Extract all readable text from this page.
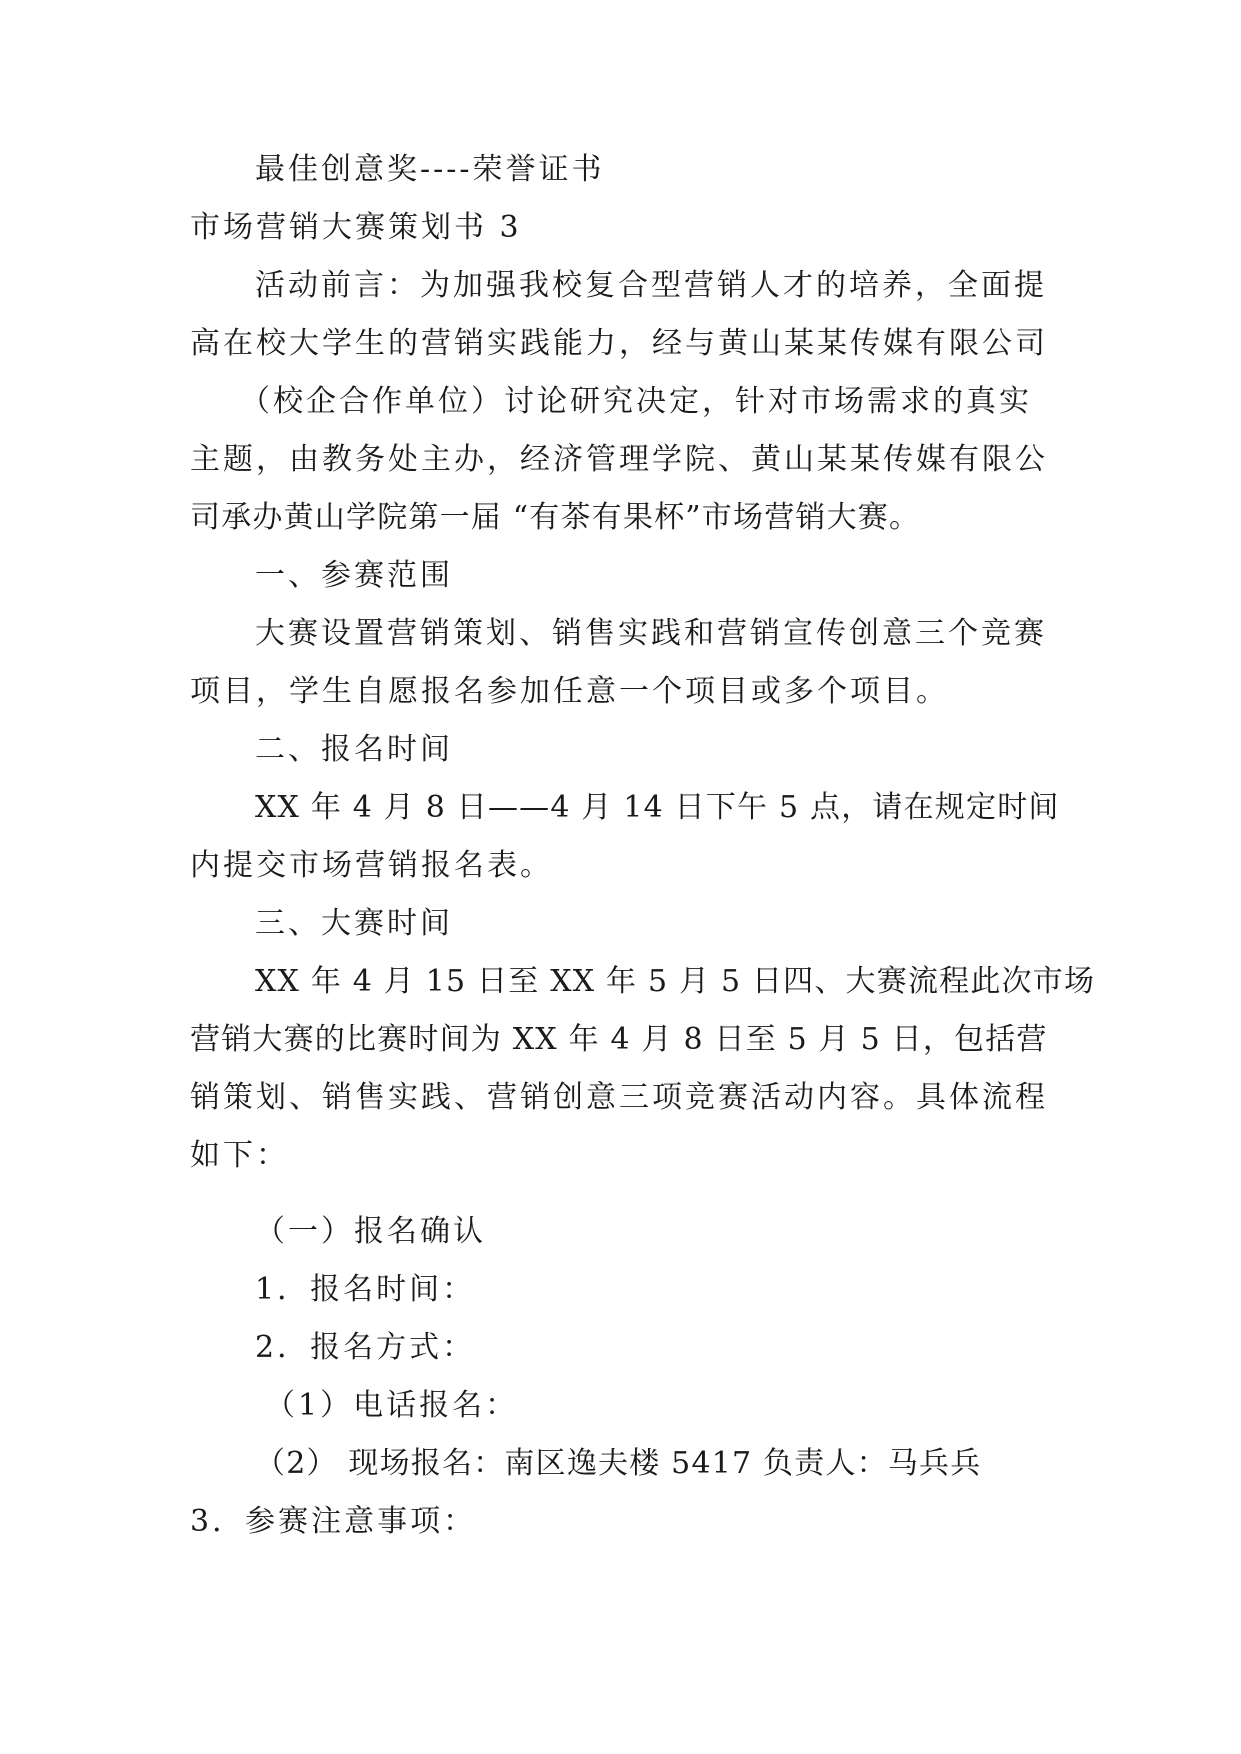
最佳创意奖----荣誉证书
市场营销大赛策划书 3
活动前言：为加强我校复合型营销人才的培养，全面提
高在校大学生的营销实践能力，经与黄山某某传媒有限公司
（校企合作单位）讨论研究决定，针对市场需求的真实
主题，由教务处主办，经济管理学院、黄山某某传媒有限公
司承办黄山学院第一届 “有茶有果杯”市场营销大赛。
一、参赛范围
大赛设置营销策划、销售实践和营销宣传创意三个竞赛
项目，学生自愿报名参加任意一个项目或多个项目。
二、报名时间
XX 年 4 月 8 日——4 月 14 日下午 5 点，请在规定时间
内提交市场营销报名表。
三、大赛时间
XX 年 4 月 15 日至 XX 年 5 月 5 日四、大赛流程此次市场
营销大赛的比赛时间为 XX 年 4 月 8 日至 5 月 5 日，包括营
销策划、销售实践、营销创意三项竞赛活动内容。具体流程
如下：
（一）报名确认
1．报名时间：
2．报名方式：
（1）电话报名：
（2） 现场报名：南区逸夫楼 5417 负责人：马兵兵
3．参赛注意事项：
